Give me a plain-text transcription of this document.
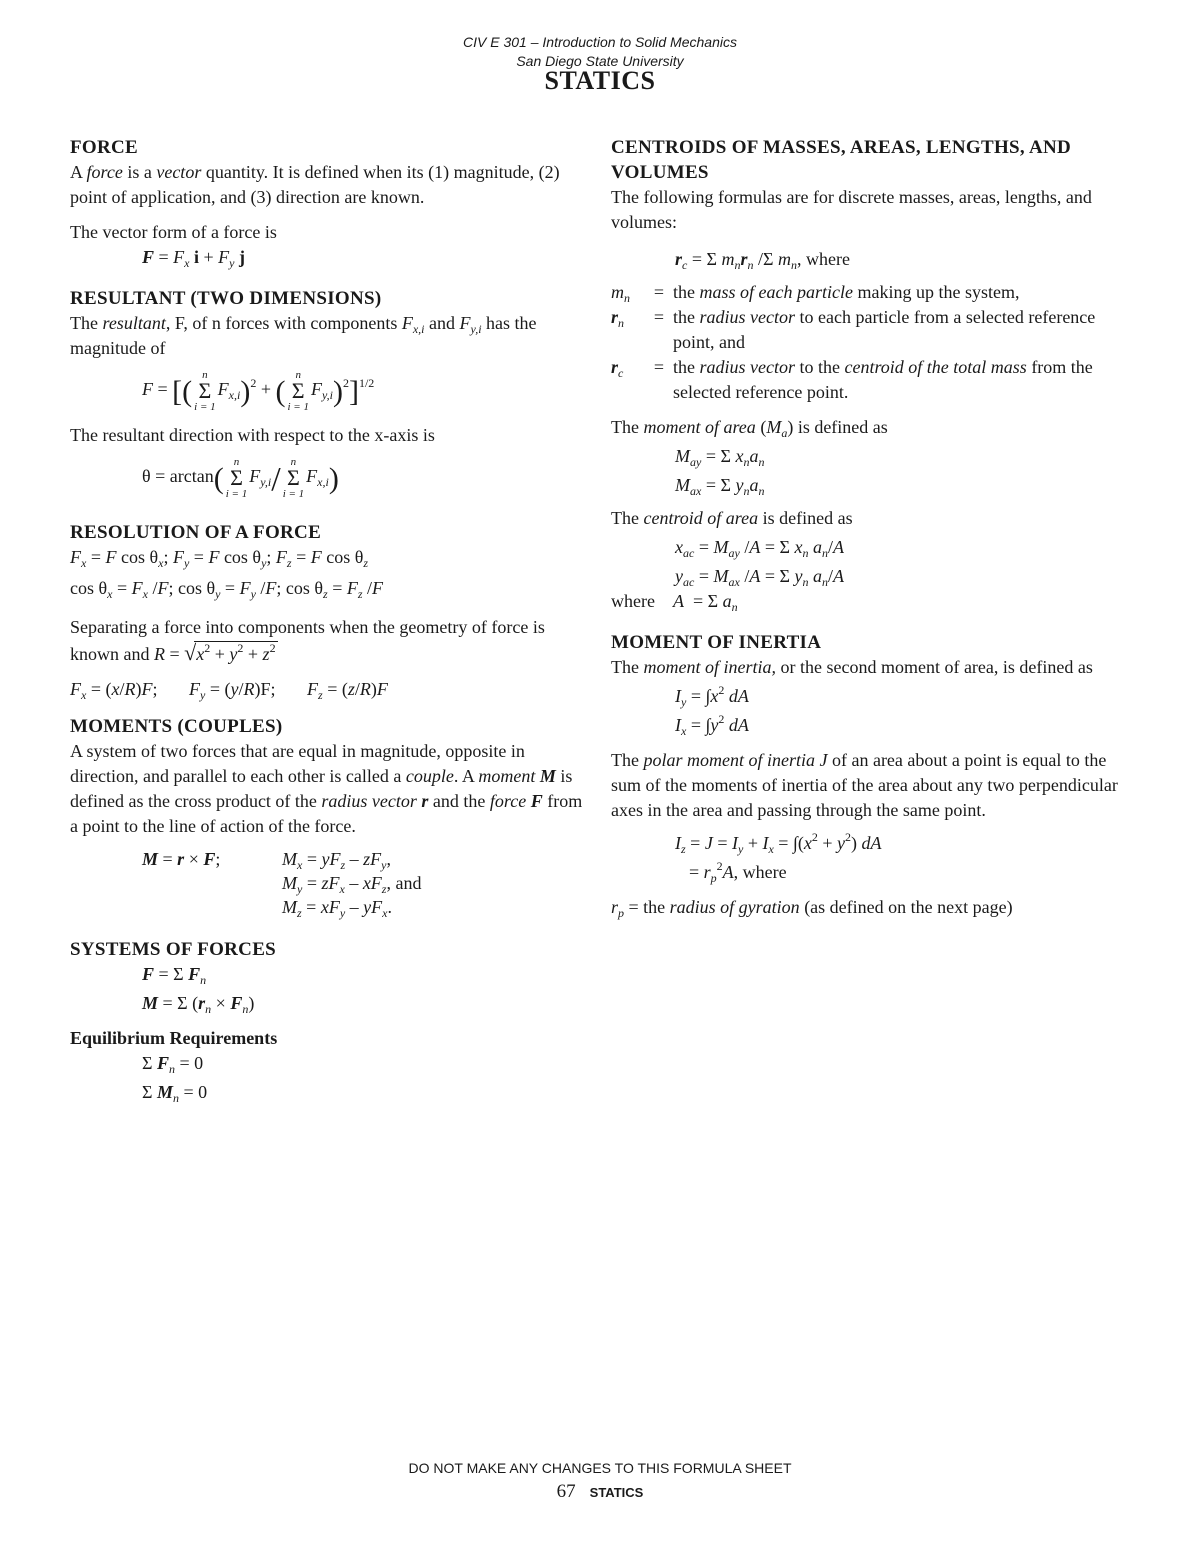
CIV E 301 – Introduction to Solid Mechanics
San Diego State University
STATICS
FORCE

A force is a vector quantity. It is defined when its (1) magnitude, (2) point of application, and (3) direction are known.

The vector form of a force is

$F = F_x$ $i + F_y$ j

RESULTANT (TWO DIMENSIONS)

The resultant, F, of n forces with components $F_{x,i}$ and $F_{y,i}$ has the magnitude of

F = [(
n
Σ
i = 1
$F_{x,i})^2$ + (
n
Σ
i = 1
$F_{y,i})^2]^{1/2}$

The resultant direction with respect to the x-axis is

θ = arctan(
n
Σ
i = 1
$F_{y,i}/$ n
Σ
i = 1
$F_{x,i}$)
RESOLUTION OF A FORCE

$F_x = F$ $\cos \theta_x$; $F_y = F$ $\cos \theta_y$; $F_z = F$ $\cos \theta_z$

$\cos \theta_x = F_x$ /F; $\cos \theta_y = F_y$ /F; $\cos \theta_z = F_z$ /F

Separating a force into components when the geometry of force is known and $R = √x^2 + y^2 + z^2$

$F_x = (x/R)F$;       $F_y = (y/R)F$;       $F_z = (z/R)F$

MOMENTS (COUPLES)

A system of two forces that are equal in magnitude, opposite in direction, and parallel to each other is called a couple. A moment M is defined as the cross product of the radius vector r and the force F from a point to the line of action of the force.

M = r × F;	$M_x = yF_z - zF_y$,
$M_y = zF_x - xF_z$, and
$M_z = xF_y - yF_x$.
SYSTEMS OF FORCES

F = Σ $F_n$

M = Σ $(r_n \times F_n)$

Equilibrium Requirements

Σ $F_n = 0$

Σ $M_n = 0$

CENTROIDS OF MASSES, AREAS, LENGTHS, AND VOLUMES

The following formulas are for discrete masses, areas, lengths, and volumes:

$r_c = \Sigma$ $m_nr_n$ /Σ $m_n$, where

$m_n$	=	the mass of each particle making up the system,
$r_n$	=	the radius vector to each particle from a selected reference point, and
$r_c$	=	the radius vector to the centroid of the total mass from the selected reference point.

The moment of area $(M_a)$ is defined as

$M_{ay} = \Sigma$ $x_na_n$

$M_{ax} = \Sigma$ $y_na_n$

The centroid of area is defined as

$x_{ac} = M_{ay}$ /A = Σ $x_n$ $a_n/A$

$y_{ac} = M_{ax}$ /A = Σ $y_n$ $a_n/A$

where A  = Σ $a_n$

MOMENT OF INERTIA

The moment of inertia, or the second moment of area, is defined as

$I_y = \int x^2$ dA

$I_x = \int y^2$ dA

The polar moment of inertia J of an area about a point is equal to the sum of the moments of inertia of the area about any two perpendicular axes in the area and passing through the same point.

$I_z = J = I_y + I_x = \int(x^2 + y^2)$ dA

= $r_p^2A$, where

$r_p$ = the radius of gyration (as defined on the next page)

DO NOT MAKE ANY CHANGES TO THIS FORMULA SHEET
67 STATICS
